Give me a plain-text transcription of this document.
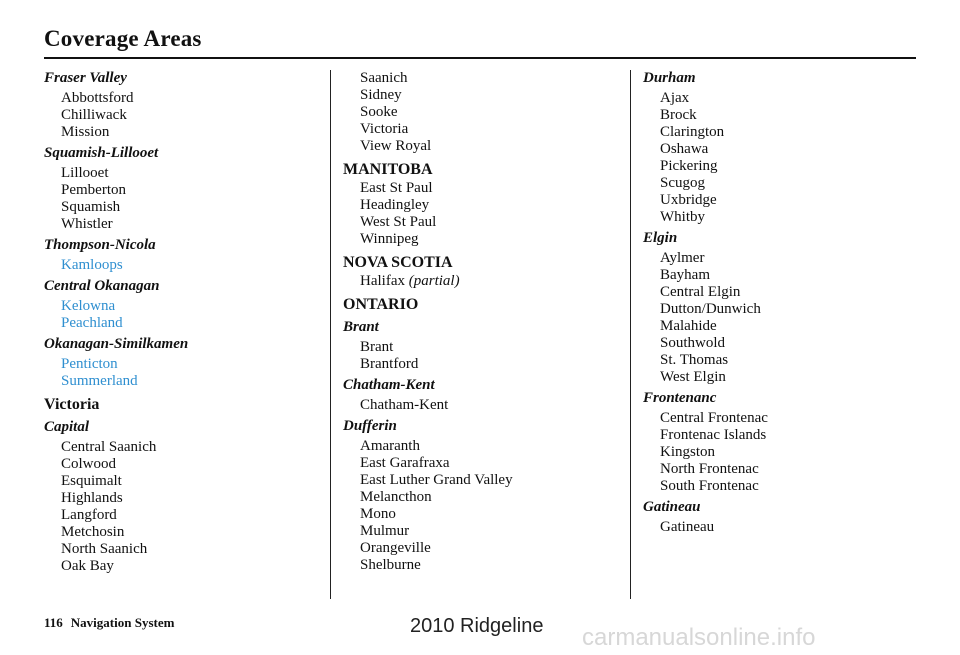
Coverage Areas
Fraser Valley
Abbottsford
Chilliwack
Mission
Squamish-Lillooet
Lillooet
Pemberton
Squamish
Whistler
Thompson-Nicola
Kamloops
Central Okanagan
Kelowna
Peachland
Okanagan-Similkamen
Penticton
Summerland
Victoria
Capital
Central Saanich
Colwood
Esquimalt
Highlands
Langford
Metchosin
North Saanich
Oak Bay
Saanich
Sidney
Sooke
Victoria
View Royal
MANITOBA
East St Paul
Headingley
West St Paul
Winnipeg
NOVA SCOTIA
Halifax (partial)
ONTARIO
Brant
Brant
Brantford
Chatham-Kent
Chatham-Kent
Dufferin
Amaranth
East Garafraxa
East Luther Grand Valley
Melancthon
Mono
Mulmur
Orangeville
Shelburne
Durham
Ajax
Brock
Clarington
Oshawa
Pickering
Scugog
Uxbridge
Whitby
Elgin
Aylmer
Bayham
Central Elgin
Dutton/Dunwich
Malahide
Southwold
St. Thomas
West Elgin
Frontenanc
Central Frontenac
Frontenac Islands
Kingston
North Frontenac
South Frontenac
Gatineau
Gatineau
116 Navigation System	2010 Ridgeline carmanualsonline.info
